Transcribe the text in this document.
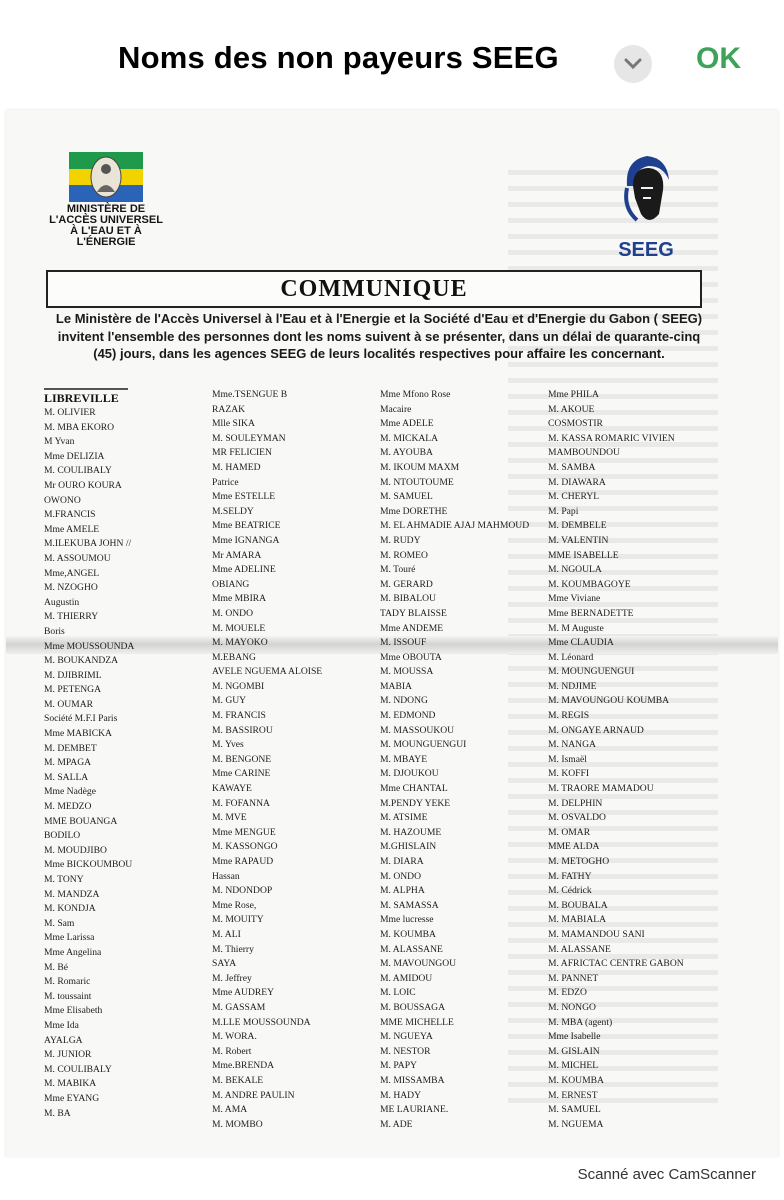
Noms des non payeurs SEEG	OK
MINISTÈRE DE
L'ACCÈS UNIVERSEL
À L'EAU ET À
L'ÉNERGIE	SEEG
COMMUNIQUE
Le Ministère de l'Accès Universel à l'Eau et à l'Energie et la Société d'Eau et d'Energie du Gabon ( SEEG) invitent l'ensemble des personnes dont les noms suivent à se présenter, dans un délai de quarante-cinq (45) jours, dans les agences SEEG de leurs localités respectives pour affaire les concernant.
LIBREVILLE
M. OLIVIER
M. MBA EKORO
M Yvan
Mme DELIZIA
M. COULIBALY
Mr OURO KOURA
OWONO
M.FRANCIS
Mme AMELE
M.ILEKUBA JOHN //
M. ASSOUMOU
Mme,ANGEL
M. NZOGHO
Augustin
M. THIERRY
Boris
Mme MOUSSOUNDA
M. BOUKANDZA
M. DJIBRIML
M. PETENGA
M. OUMAR
Société M.F.I Paris
Mme MABICKA
M. DEMBET
M. MPAGA
M. SALLA
Mme Nadège
M. MEDZO
MME BOUANGA
BODILO
M. MOUDJIBO
Mme BICKOUMBOU
M. TONY
M. MANDZA
M. KONDJA
M. Sam
Mme Larissa
Mme Angelina
M. Bé
M. Romaric
M. toussaint
Mme Elisabeth
Mme Ida
AYALGA
M. JUNIOR
M. COULIBALY
M. MABIKA
Mme EYANG
M. BA
Mme.TSENGUE B
RAZAK
Mlle SIKA
M. SOULEYMAN
MR FELICIEN
M. HAMED
Patrice
Mme ESTELLE
M.SELDY
Mme BEATRICE
Mme IGNANGA
Mr AMARA
Mme ADELINE
OBIANG
Mme MBIRA
M. ONDO
M. MOUELE
M. MAYOKO
M.EBANG
AVELE NGUEMA ALOISE
M. NGOMBI
M. GUY
M. FRANCIS
M. BASSIROU
M. Yves
M. BENGONE
Mme CARINE
KAWAYE
M. FOFANNA
M. MVE
Mme MENGUE
M. KASSONGO
Mme RAPAUD
Hassan
M. NDONDOP
Mme Rose,
M. MOUITY
M. ALI
M. Thierry
SAYA
M. Jeffrey
Mme AUDREY
M. GASSAM
M.LLE MOUSSOUNDA
M. WORA.
M. Robert
Mme.BRENDA
M. BEKALE
M. ANDRE PAULIN
M. AMA
M. MOMBO
Mme Mfono Rose
Macaire
Mme ADELE
M. MICKALA
M. AYOUBA
M. IKOUM MAXM
M. NTOUTOUME
M. SAMUEL
Mme DORETHE
M. EL AHMADIE AJAJ MAHMOUD
M. RUDY
M. ROMEO
M. Touré
M. GERARD
M. BIBALOU
TADY BLAISSE
Mme ANDEME
M. ISSOUF
Mme OBOUTA
M. MOUSSA
MABIA
M. NDONG
M. EDMOND
M. MASSOUKOU
M. MOUNGUENGUI
M. MBAYE
M. DJOUKOU
Mme CHANTAL
M.PENDY YEKE
M. ATSIME
M. HAZOUME
M.GHISLAIN
M. DIARA
M. ONDO
M. ALPHA
M. SAMASSA
Mme lucresse
M. KOUMBA
M. ALASSANE
M. MAVOUNGOU
M. AMIDOU
M. LOIC
M. BOUSSAGA
MME MICHELLE
M. NGUEYA
M. NESTOR
M. PAPY
M. MISSAMBA
M. HADY
ME LAURIANE.
M. ADE
Mme PHILA
M. AKOUE
COSMOSTIR
M. KASSA ROMARIC VIVIEN
MAMBOUNDOU
M. SAMBA
M. DIAWARA
M. CHERYL
M. Papi
M. DEMBELE
M. VALENTIN
MME ISABELLE
M. NGOULA
M. KOUMBAGOYE
Mme Viviane
Mme BERNADETTE
M. M Auguste
Mme CLAUDIA
M. Léonard
M. MOUNGUENGUI
M. NDJIME
M. MAVOUNGOU KOUMBA
M. REGIS
M. ONGAYE ARNAUD
M. NANGA
M. Ismaël
M. KOFFI
M. TRAORE MAMADOU
M. DELPHIN
M. OSVALDO
M. OMAR
MME ALDA
M. METOGHO
M. FATHY
M. Cédrick
M. BOUBALA
M. MABIALA
M. MAMANDOU SANI
M. ALASSANE
M. AFRICTAC CENTRE GABON
M. PANNET
M. EDZO
M. NONGO
M. MBA (agent)
Mme Isabelle
M. GISLAIN
M. MICHEL
M. KOUMBA
M. ERNEST
M. SAMUEL
M. NGUEMA
Scanné avec CamScanner
